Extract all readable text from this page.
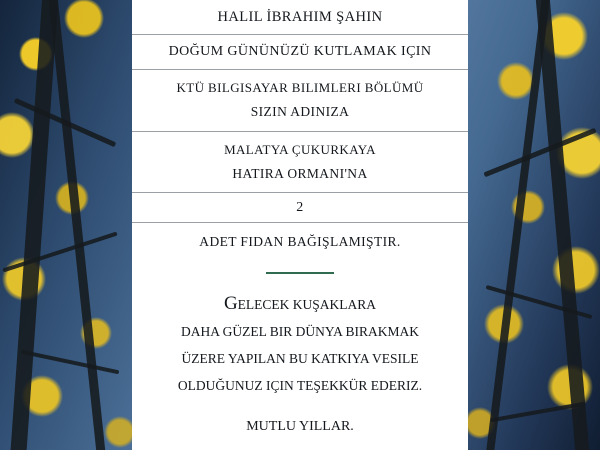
HALIL İBRAHIM ŞAHIN
DOĞUM GÜNÜNÜZÜ KUTLAMAK IÇIN
KTÜ BILGISAYAR BILIMLERI BÖLÜMÜ
SIZIN ADINIZA
MALATYA ÇUKURKAYA
HATIRA ORMANI'NA
2
ADET FIDAN BAĞIŞLAMIŞTIR.
GELECEK KUŞAKLARA
DAHA GÜZEL BIR DÜNYA BIRAKMAK
ÜZERE YAPILAN BU KATKIYA VESILE
OLDUĞUNUZ IÇIN TEŞEKKÜR EDERIZ.
MUTLU YILLAR.
